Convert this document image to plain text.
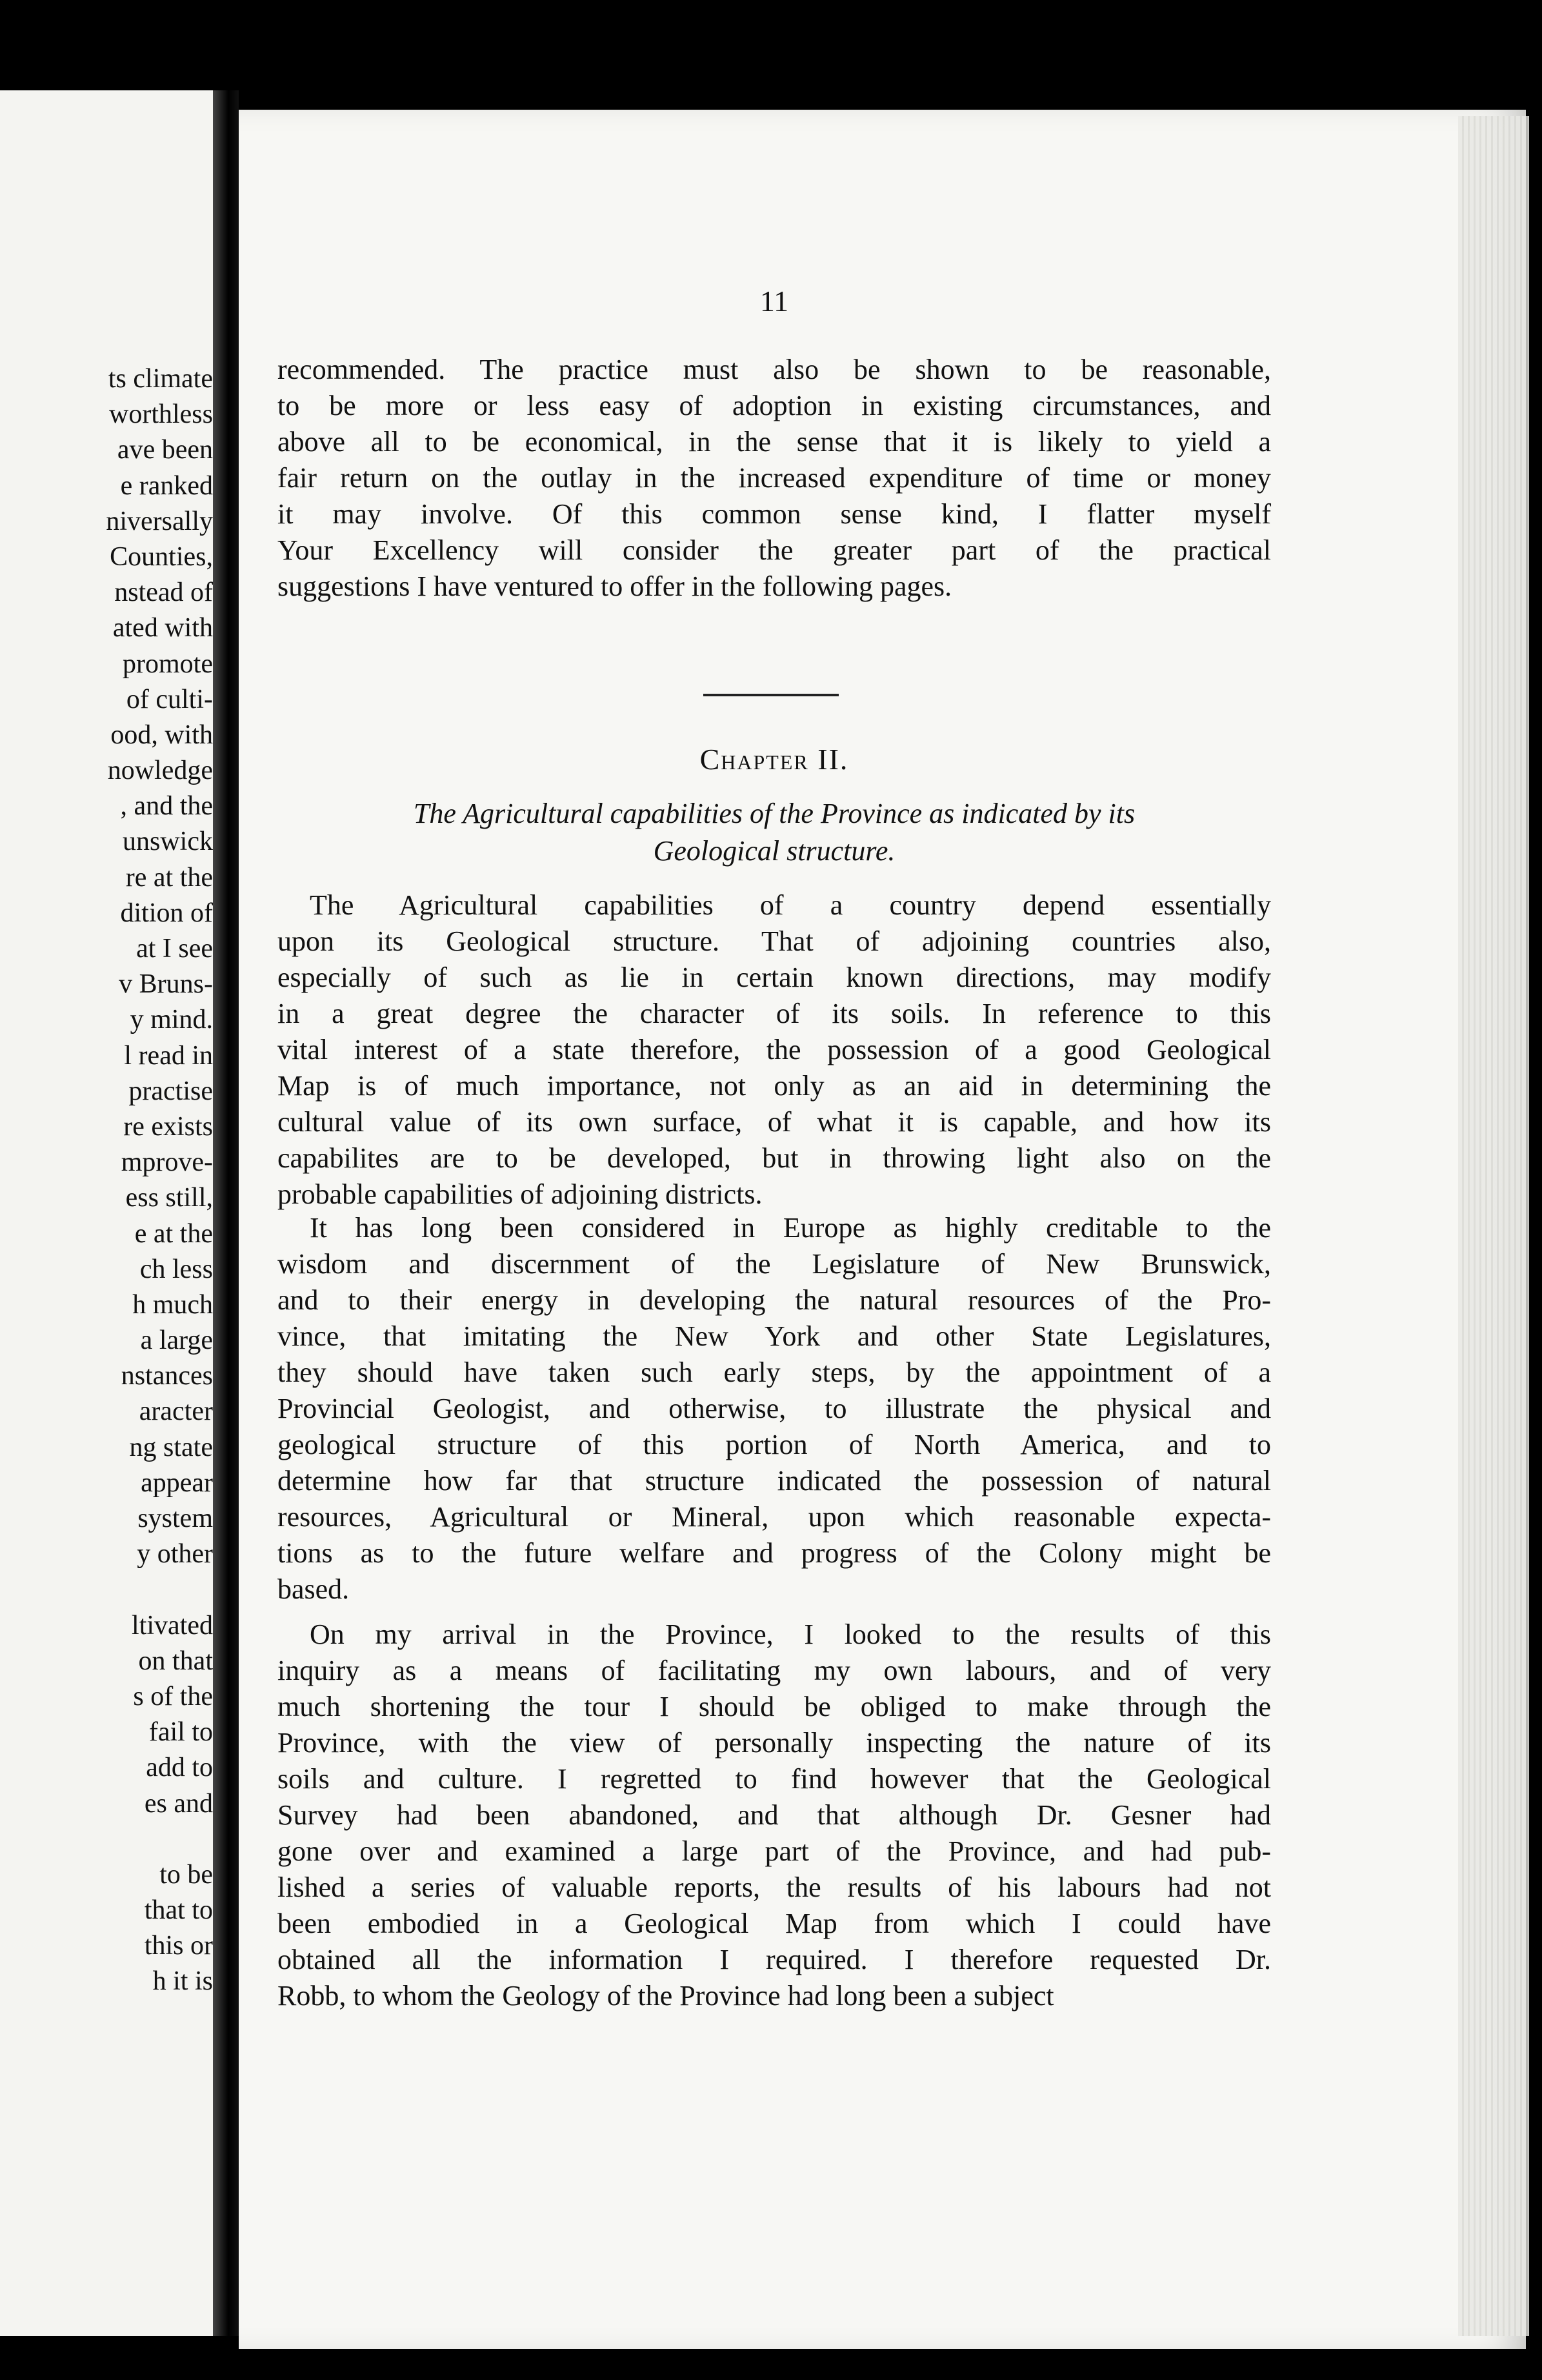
ts climate
worthless
ave been
e ranked
niversally
Counties,
nstead of
ated with
promote
of culti-
ood, with
nowledge
, and the
unswick
re at the
dition of
at I see
v Bruns-
y mind.
l read in
practise
re exists
mprove-
ess still,
e at the
ch less
h much
a large
nstances
aracter
ng state
appear
system
y other
ltivated
on that
s of the
fail to
add to
es and
to be
that to
this or
h it is
11
recommended. The practice must also be shown to be reasonable,
to be more or less easy of adoption in existing circumstances, and
above all to be economical, in the sense that it is likely to yield a
fair return on the outlay in the increased expenditure of time or money
it may involve. Of this common sense kind, I flatter myself
Your Excellency will consider the greater part of the practical
suggestions I have ventured to offer in the following pages.
Chapter II.
The Agricultural capabilities of the Province as indicated by its
Geological structure.
The Agricultural capabilities of a country depend essentially
upon its Geological structure. That of adjoining countries also,
especially of such as lie in certain known directions, may modify
in a great degree the character of its soils. In reference to this
vital interest of a state therefore, the possession of a good Geological
Map is of much importance, not only as an aid in determining the
cultural value of its own surface, of what it is capable, and how its
capabilites are to be developed, but in throwing light also on the
probable capabilities of adjoining districts.
It has long been considered in Europe as highly creditable to the
wisdom and discernment of the Legislature of New Brunswick,
and to their energy in developing the natural resources of the Pro-
vince, that imitating the New York and other State Legislatures,
they should have taken such early steps, by the appointment of a
Provincial Geologist, and otherwise, to illustrate the physical and
geological structure of this portion of North America, and to
determine how far that structure indicated the possession of natural
resources, Agricultural or Mineral, upon which reasonable expecta-
tions as to the future welfare and progress of the Colony might be
based.
On my arrival in the Province, I looked to the results of this
inquiry as a means of facilitating my own labours, and of very
much shortening the tour I should be obliged to make through the
Province, with the view of personally inspecting the nature of its
soils and culture. I regretted to find however that the Geological
Survey had been abandoned, and that although Dr. Gesner had
gone over and examined a large part of the Province, and had pub-
lished a series of valuable reports, the results of his labours had not
been embodied in a Geological Map from which I could have
obtained all the information I required. I therefore requested Dr.
Robb, to whom the Geology of the Province had long been a subject
